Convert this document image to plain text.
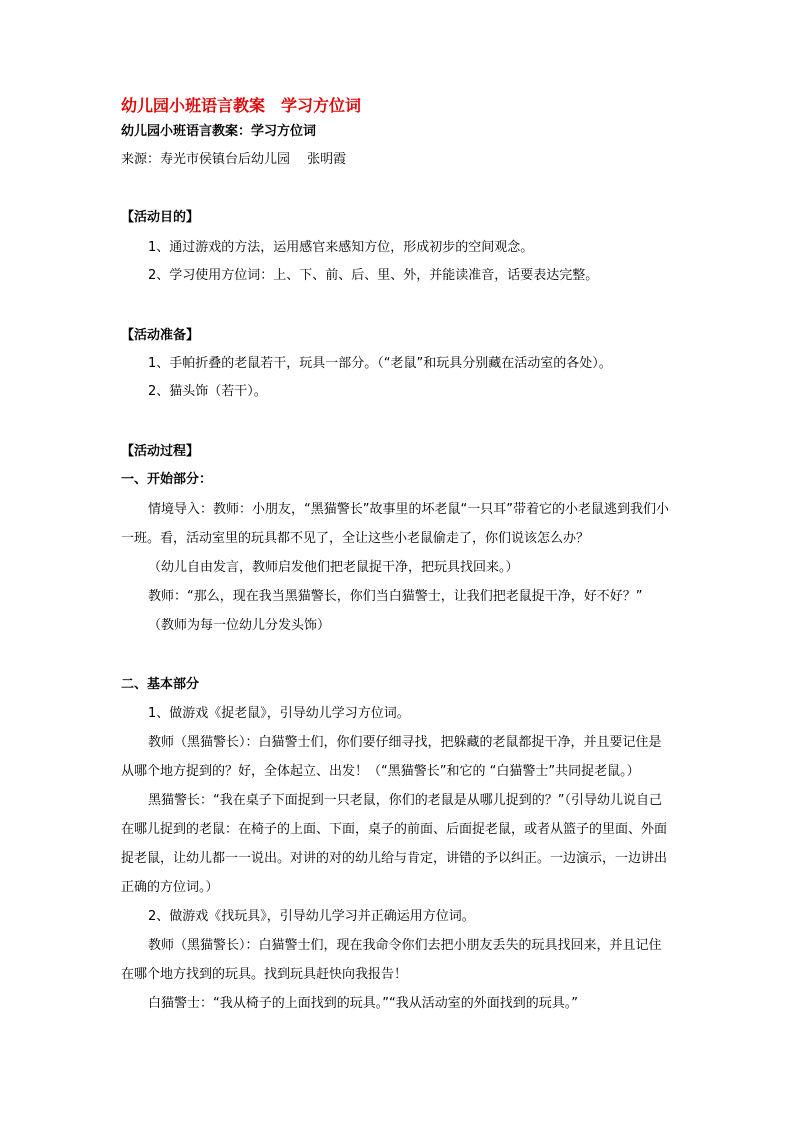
幼儿园小班语言教案　学习方位词
幼儿园小班语言教案：学习方位词
来源：寿光市侯镇台后幼儿园　 张明霞
【活动目的】
1、通过游戏的方法，运用感官来感知方位，形成初步的空间观念。
2、学习使用方位词：上、下、前、后、里、外，并能读准音，话要表达完整。
【活动准备】
1、手帕折叠的老鼠若干，玩具一部分。（“老鼠”和玩具分别藏在活动室的各处）。
2、猫头饰（若干）。
【活动过程】
一、开始部分：
情境导入：教师：小朋友，“黑猫警长”故事里的坏老鼠“一只耳”带着它的小老鼠逃到我们小
一班。看，活动室里的玩具都不见了，全让这些小老鼠偷走了，你们说该怎么办？
（幼儿自由发言，教师启发他们把老鼠捉干净，把玩具找回来。）
教师：“那么，现在我当黑猫警长，你们当白猫警士，让我们把老鼠捉干净，好不好？”
（教师为每一位幼儿分发头饰）
二、基本部分
1、做游戏《捉老鼠》，引导幼儿学习方位词。
教师（黑猫警长）：白猫警士们，你们要仔细寻找，把躲藏的老鼠都捉干净，并且要记住是
从哪个地方捉到的？好，全体起立、出发！（“黑猫警长”和它的 “白猫警士”共同捉老鼠。）
黑猫警长：“我在桌子下面捉到一只老鼠，你们的老鼠是从哪儿捉到的？”（引导幼儿说自己
在哪儿捉到的老鼠：在椅子的上面、下面，桌子的前面、后面捉老鼠，或者从篮子的里面、外面
捉老鼠，让幼儿都一一说出。对讲的对的幼儿给与肯定，讲错的予以纠正。一边演示，一边讲出
正确的方位词。）
2、做游戏《找玩具》，引导幼儿学习并正确运用方位词。
教师（黑猫警长）：白猫警士们，现在我命令你们去把小朋友丢失的玩具找回来，并且记住
在哪个地方找到的玩具。找到玩具赶快向我报告！
白猫警士：“我从椅子的上面找到的玩具。”“我从活动室的外面找到的玩具。”
